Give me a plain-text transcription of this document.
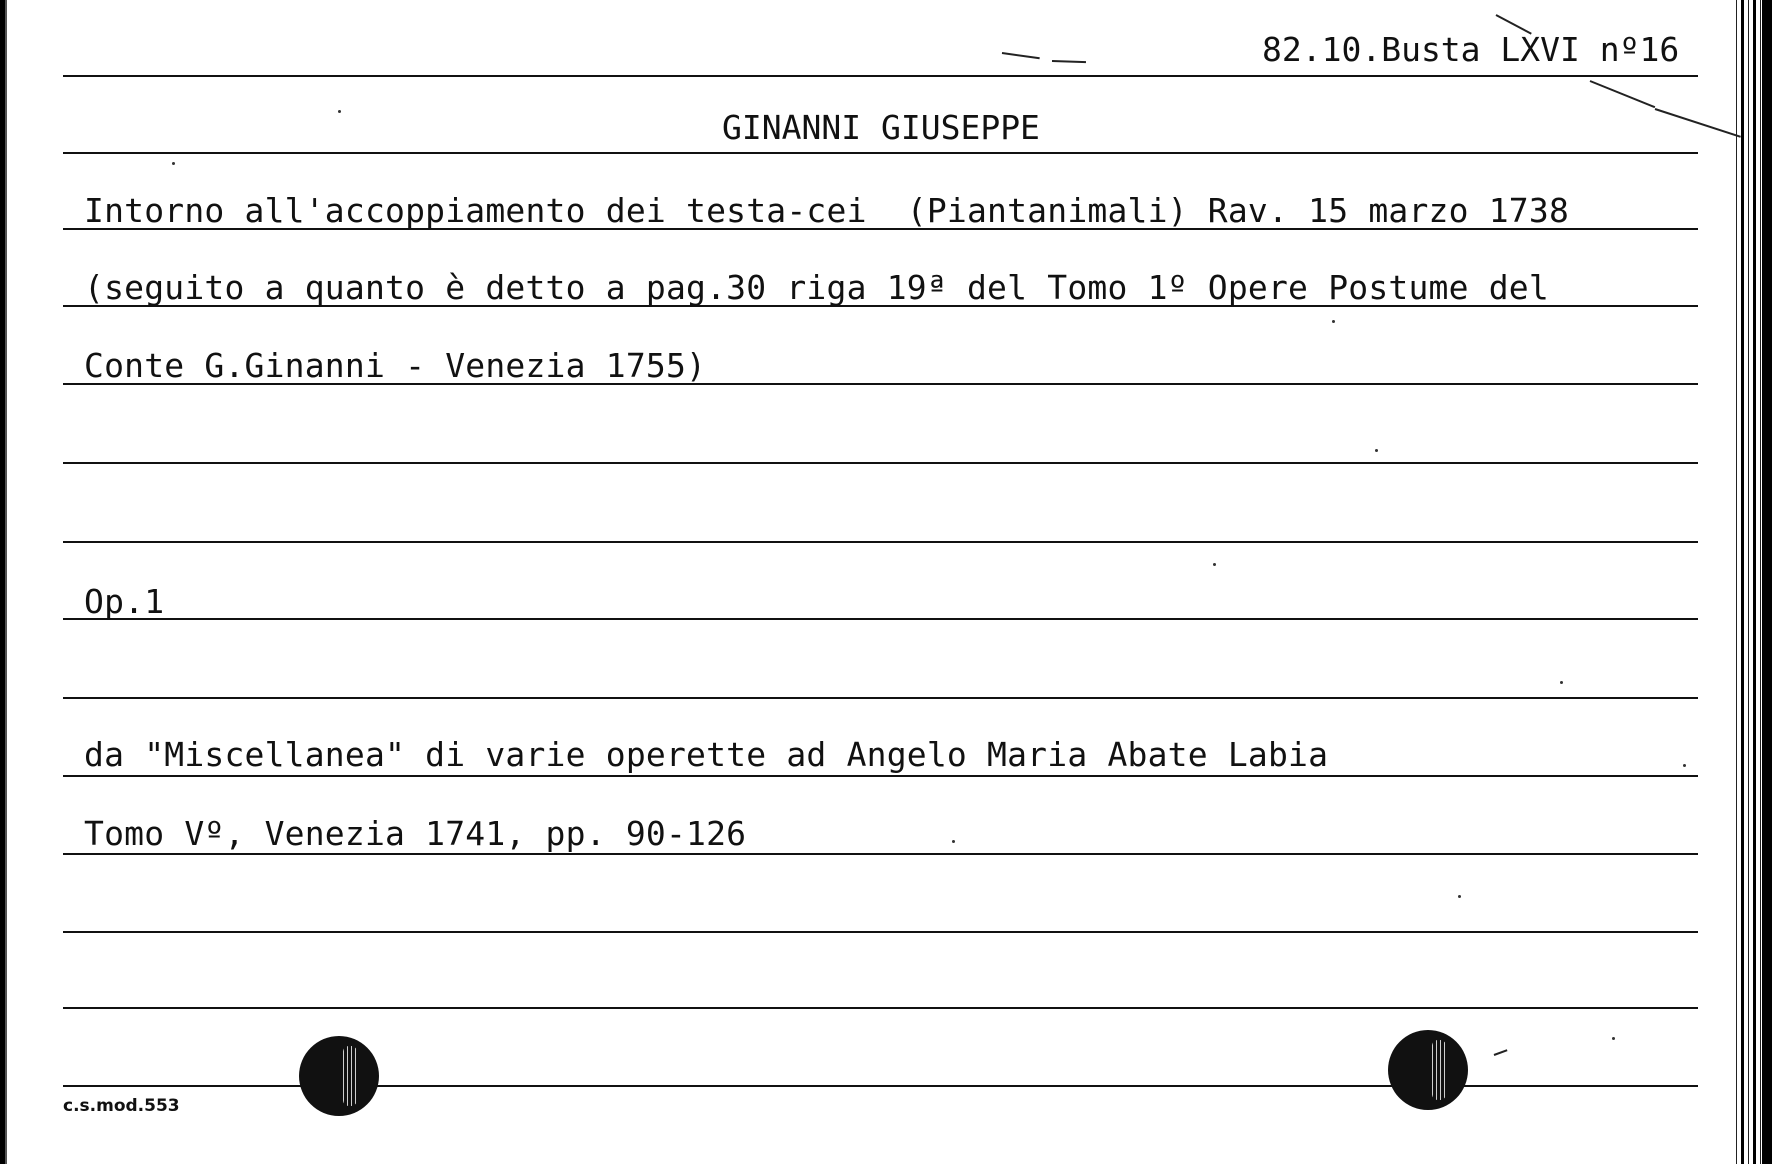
82.10.Busta LXVI nº16
GINANNI GIUSEPPE
Intorno all'accoppiamento dei testa-cei  (Piantanimali) Rav. 15 marzo 1738
(seguito a quanto è detto a pag.30 riga 19ª del Tomo 1º Opere Postume del
Conte G.Ginanni - Venezia 1755)
Op.1
da "Miscellanea" di varie operette ad Angelo Maria Abate Labia
Tomo Vº, Venezia 1741, pp. 90-126
c.s.mod.553
